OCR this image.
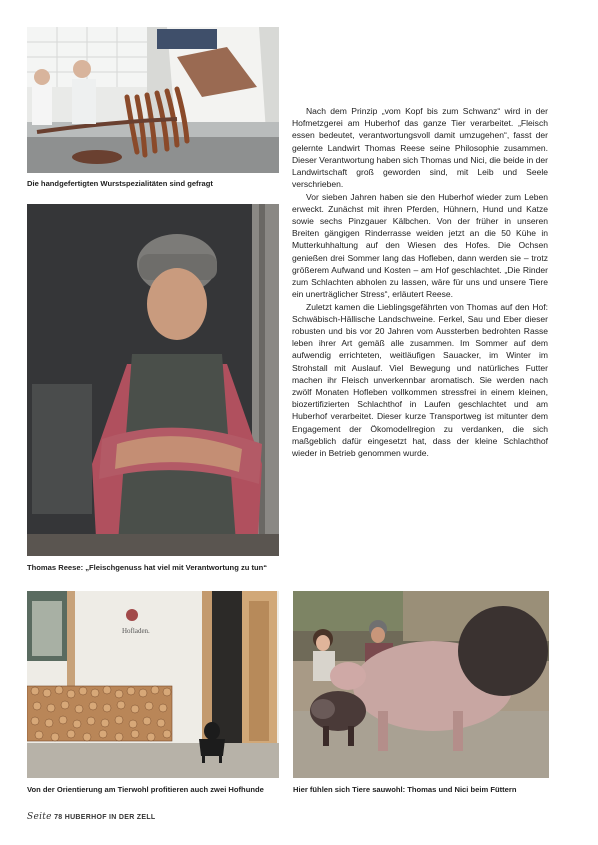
Die handgefertigten Wurstspezialitäten sind gefragt
Thomas Reese: „Fleischgenuss hat viel mit Verantwortung zu tun“
Hofladen.
Von der Orientierung am Tierwohl profitieren auch zwei Hofhunde	Hier fühlen sich Tiere sauwohl: Thomas und Nici beim Füttern

Nach dem Prinzip „vom Kopf bis zum Schwanz“ wird in der Hofmetzgerei am Huberhof das ganze Tier verarbeitet. „Fleisch essen bedeutet, verantwortungsvoll damit umzugehen“, fasst der gelernte Landwirt Thomas Reese seine Philosophie zusammen. Dieser Verantwortung haben sich Thomas und Nici, die beide in der Landwirtschaft groß geworden sind, mit Leib und Seele verschrieben.

Vor sieben Jahren haben sie den Huberhof wieder zum Leben erweckt. Zunächst mit ihren Pferden, Hühnern, Hund und Katze sowie sechs Pinzgauer Kälbchen. Von der früher in unseren Breiten gängigen Rinderrasse weiden jetzt an die 50 Kühe in Mutterkuhhaltung auf den Wiesen des Hofes. Die Ochsen genießen drei Sommer lang das Hofleben, dann werden sie – trotz größerem Aufwand und Kosten – am Hof geschlachtet. „Die Rinder zum Schlachten abholen zu lassen, wäre für uns und unsere Tiere ein unerträglicher Stress“, erläutert Reese.

Zuletzt kamen die Lieblingsgefährten von Thomas auf den Hof: Schwäbisch-Hällische Landschweine. Ferkel, Sau und Eber dieser robusten und bis vor 20 Jahren vom Aussterben bedrohten Rasse leben ihrer Art gemäß alle zusammen. Im Sommer auf dem aufwendig errichteten, weitläufigen Sauacker, im Winter im Strohstall mit Auslauf. Viel Bewegung und natürliches Futter machen ihr Fleisch unverkennbar aromatisch. Sie werden nach zwölf Monaten Hofleben vollkommen stressfrei in einem kleinen, biozertifizierten Schlachthof in Laufen geschlachtet und am Huberhof verarbeitet. Dieser kurze Transportweg ist mitunter dem Engagement der Ökomodellregion zu verdanken, die sich maßgeblich dafür eingesetzt hat, dass der kleine Schlachthof wieder in Betrieb genommen wurde.

Seite 78 HUBERHOF IN DER ZELL
